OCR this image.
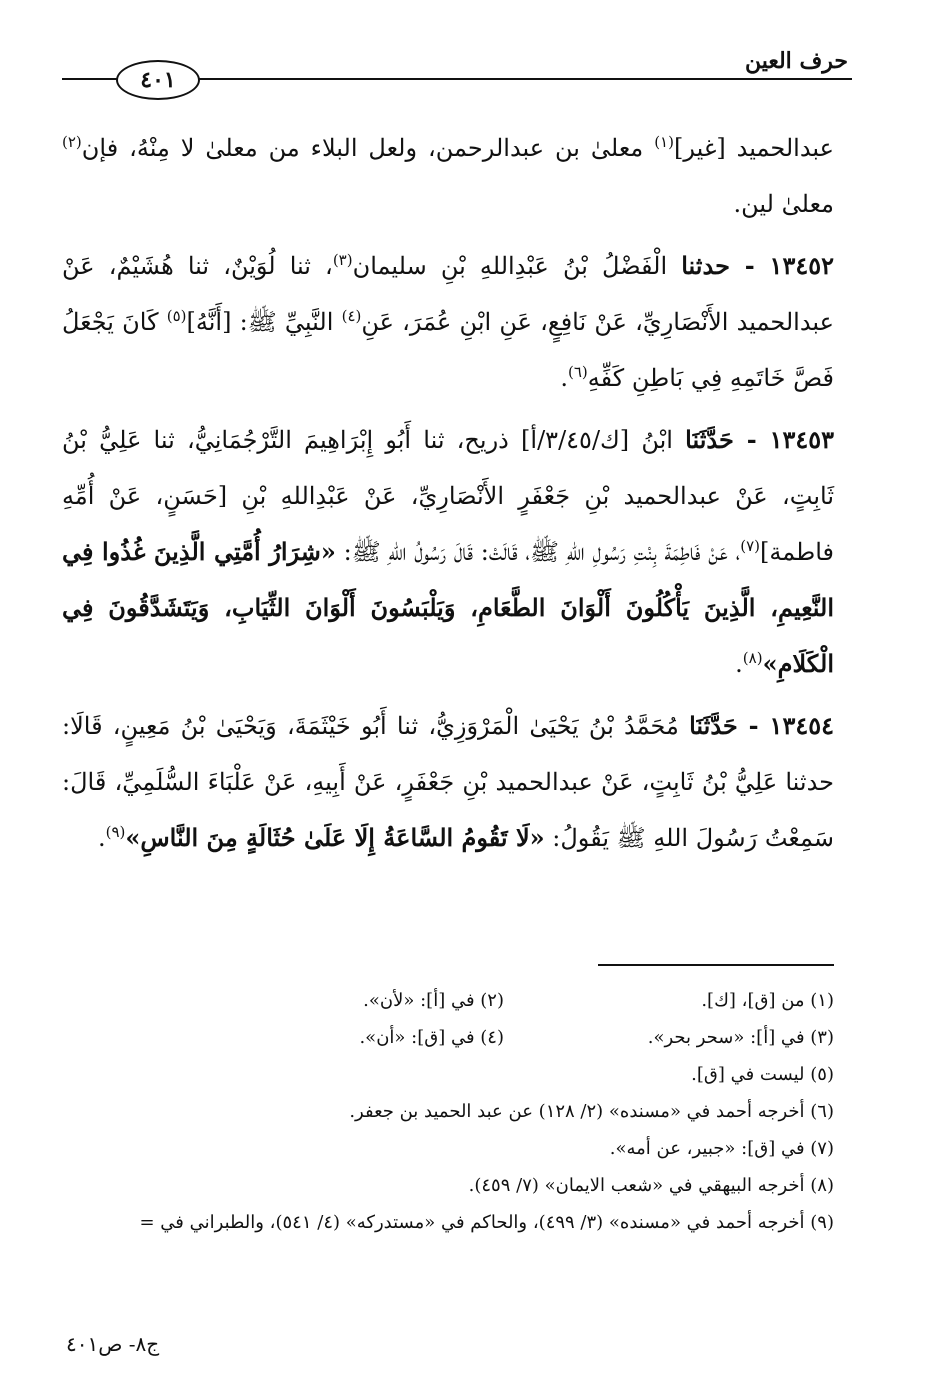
حرف العين
٤٠١

عبدالحميد [غير]$^{(١)}$ معلىٰ بن عبدالرحمن، ولعل البلاء من معلىٰ لا مِنْهُ، فإن$^{(٢)}$ معلىٰ لين.

١٣٤٥٢ - حدثنا الْفَضْلُ بْنُ عَبْدِاللهِ بْنِ سليمان$^{(٣)}$، ثنا لُوَيْنٌ، ثنا هُشَيْمٌ، عَنْ عبدالحميد الأَنْصَارِيِّ، عَنْ نَافِعٍ، عَنِ ابْنِ عُمَرَ، عَنِ$^{(٤)}$ النَّبِيِّ ﷺ: [أَنَّهُ]$^{(٥)}$ كَانَ يَجْعَلُ فَصَّ خَاتَمِهِ فِي بَاطِنِ كَفِّهِ$^{(٦)}$.

١٣٤٥٣ - حَدَّثَنَا ابْنُ [ك/٣/٤٥/أ] ذريح، ثنا أَبُو إِبْرَاهِيمَ التَّرْجُمَانِيُّ، ثنا عَلِيُّ بْنُ ثَابِتٍ، عَنْ عبدالحميد بْنِ جَعْفَرٍ الأَنْصَارِيِّ، عَنْ عَبْدِاللهِ بْنِ [حَسَنٍ، عَنْ أُمِّهِ فاطمة]$^{(٧)}$، عَنْ فَاطِمَةَ بِنْتِ رَسُولِ اللهِ ﷺ، قَالَتْ: قَالَ رَسُولُ اللهِ ﷺ: «شِرَارُ أُمَّتِي الَّذِينَ غُذُوا فِي النَّعِيمِ، الَّذِينَ يَأْكُلُونَ أَلْوَانَ الطَّعَامِ، وَيَلْبَسُونَ أَلْوَانَ الثِّيَابِ، وَيَتَشَدَّقُونَ فِي الْكَلَامِ»$^{(٨)}$.

١٣٤٥٤ - حَدَّثَنَا مُحَمَّدُ بْنُ يَحْيَىٰ الْمَرْوَزِيُّ، ثنا أَبُو خَيْثَمَةَ، وَيَحْيَىٰ بْنُ مَعِينٍ، قَالَا: حدثنا عَلِيُّ بْنُ ثَابِتٍ، عَنْ عبدالحميد بْنِ جَعْفَرٍ، عَنْ أَبِيهِ، عَنْ عَلْبَاءَ السُّلَمِيِّ، قَالَ: سَمِعْتُ رَسُولَ اللهِ ﷺ يَقُولُ: «لَا تَقُومُ السَّاعَةُ إِلَا عَلَىٰ حُثَالَةٍ مِنَ النَّاسِ»$^{(٩)}$.

(١) من [ق]، [ك].
(٢) في [أ]: «لأن».
(٣) في [أ]: «سحر بحر».
(٤) في [ق]: «أن».
(٥) ليست في [ق].
(٦) أخرجه أحمد في «مسنده» (٢/ ١٢٨) عن عبد الحميد بن جعفر.
(٧) في [ق]: «جبير، عن أمه».
(٨) أخرجه البيهقي في «شعب الايمان» (٧/ ٤٥٩).
(٩) أخرجه أحمد في «مسنده» (٣/ ٤٩٩)، والحاكم في «مستدركه» (٤/ ٥٤١)، والطبراني في =
ج٨- ص٤٠١
